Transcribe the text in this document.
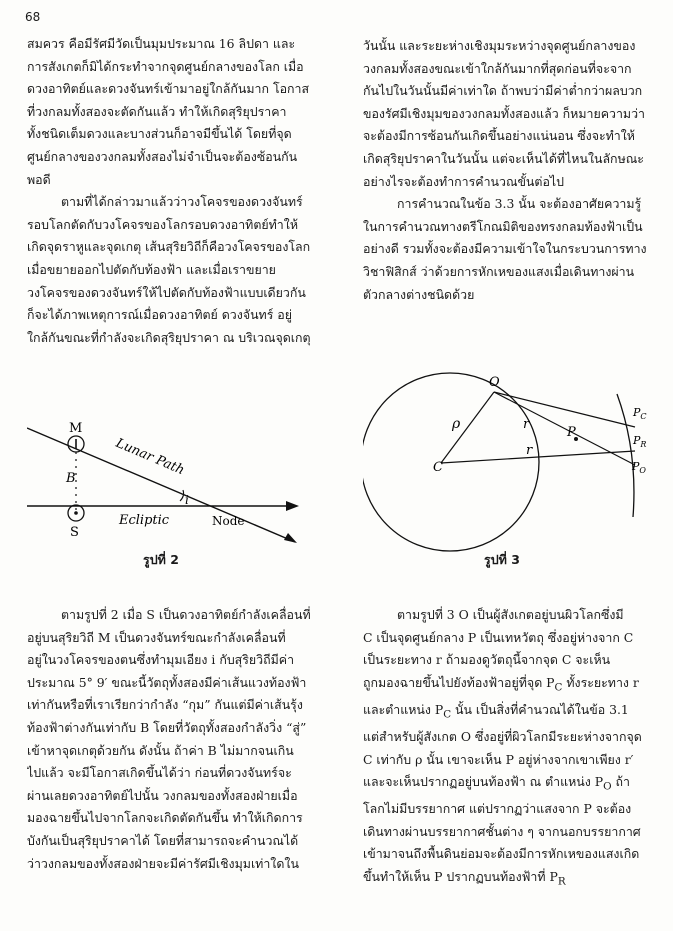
68

สมควร คือมีรัศมีวัดเป็นมุมประมาณ 16 ลิปดา และ

การสังเกตก็มิได้กระทำจากจุดศูนย์กลางของโลก เมื่อ

ดวงอาทิตย์และดวงจันทร์เข้ามาอยู่ใกล้กันมาก โอกาส

ที่วงกลมทั้งสองจะตัดกันแล้ว ทำให้เกิดสุริยุปราคา

ทั้งชนิดเต็มดวงและบางส่วนก็อาจมีขึ้นได้ โดยที่จุด

ศูนย์กลางของวงกลมทั้งสองไม่จำเป็นจะต้องซ้อนกัน

พอดี

ตามที่ได้กล่าวมาแล้วว่าวงโคจรของดวงจันทร์

รอบโลกตัดกับวงโคจรของโลกรอบดวงอาทิตย์ทำให้

เกิดจุดราหูและจุดเกตุ เส้นสุริยวิถีก็คือวงโคจรของโลก

เมื่อขยายออกไปตัดกับท้องฟ้า และเมื่อเราขยาย

วงโคจรของดวงจันทร์ให้ไปตัดกับท้องฟ้าแบบเดียวกัน

ก็จะได้ภาพเหตุการณ์เมื่อดวงอาทิตย์ ดวงจันทร์ อยู่

ใกล้กันขณะที่กำลังจะเกิดสุริยุปราคา ณ บริเวณจุดเกตุ

วันนั้น และระยะห่างเชิงมุมระหว่างจุดศูนย์กลางของ

วงกลมทั้งสองขณะเข้าใกล้กันมากที่สุดก่อนที่จะจาก

กันไปในวันนั้นมีค่าเท่าใด ถ้าพบว่ามีค่าต่ำกว่าผลบวก

ของรัศมีเชิงมุมของวงกลมทั้งสองแล้ว ก็หมายความว่า

จะต้องมีการซ้อนกันเกิดขึ้นอย่างแน่นอน ซึ่งจะทำให้

เกิดสุริยุปราคาในวันนั้น แต่จะเห็นได้ที่ไหนในลักษณะ

อย่างไรจะต้องทำการคำนวณขั้นต่อไป

การคำนวณในข้อ 3.3 นั้น จะต้องอาศัยความรู้

ในการคำนวณทางตรีโกณมิติของทรงกลมท้องฟ้าเป็น

อย่างดี รวมทั้งจะต้องมีความเข้าใจในกระบวนการทาง

วิชาฟิสิกส์ ว่าด้วยการหักเหของแสงเมื่อเดินทางผ่าน

ตัวกลางต่างชนิดด้วย

M
B
S
Lunar Path
Ecliptic	Node
i
รูปที่ 2
O
ρ
C
r
r
P
$P_C$
$P_R$
$P_O$
รูปที่ 3

ตามรูปที่ 2 เมื่อ S เป็นดวงอาทิตย์กำลังเคลื่อนที่

อยู่บนสุริยวิถี M เป็นดวงจันทร์ขณะกำลังเคลื่อนที่

อยู่ในวงโคจรของตนซึ่งทำมุมเอียง i กับสุริยวิถีมีค่า

ประมาณ 5° 9′ ขณะนี้วัตถุทั้งสองมีค่าเส้นแวงท้องฟ้า

เท่ากันหรือที่เราเรียกว่ากำลัง “กุม” กันแต่มีค่าเส้นรุ้ง

ท้องฟ้าต่างกันเท่ากับ B โดยที่วัตถุทั้งสองกำลังวิ่ง “สู่”

เข้าหาจุดเกตุด้วยกัน ดังนั้น ถ้าค่า B ไม่มากจนเกิน

ไปแล้ว จะมีโอกาสเกิดขึ้นได้ว่า ก่อนที่ดวงจันทร์จะ

ผ่านเลยดวงอาทิตย์ไปนั้น วงกลมของทั้งสองฝ่ายเมื่อ

มองฉายขึ้นไปจากโลกจะเกิดตัดกันขึ้น ทำให้เกิดการ

บังกันเป็นสุริยุปราคาได้ โดยที่สามารถจะคำนวณได้

ว่าวงกลมของทั้งสองฝ่ายจะมีค่ารัศมีเชิงมุมเท่าใดใน

ตามรูปที่ 3 O เป็นผู้สังเกตอยู่บนผิวโลกซึ่งมี

C เป็นจุดศูนย์กลาง P เป็นเทหวัตถุ ซึ่งอยู่ห่างจาก C

เป็นระยะทาง r ถ้ามองดูวัตถุนี้จากจุด C จะเห็น

ถูกมองฉายขึ้นไปยังท้องฟ้าอยู่ที่จุด $P_C$ ทั้งระยะทาง r

และตำแหน่ง $P_C$ นั้น เป็นสิ่งที่คำนวณได้ในข้อ 3.1

แต่สำหรับผู้สังเกต O ซึ่งอยู่ที่ผิวโลกมีระยะห่างจากจุด

C เท่ากับ ρ นั้น เขาจะเห็น P อยู่ห่างจากเขาเพียง r′

และจะเห็นปรากฏอยู่บนท้องฟ้า ณ ตำแหน่ง $P_O$ ถ้า

โลกไม่มีบรรยากาศ แต่ปรากฏว่าแสงจาก P จะต้อง

เดินทางผ่านบรรยากาศชั้นต่าง ๆ จากนอกบรรยากาศ

เข้ามาจนถึงพื้นดินย่อมจะต้องมีการหักเหของแสงเกิด

ขึ้นทำให้เห็น P ปรากฏบนท้องฟ้าที่ $P_R$
